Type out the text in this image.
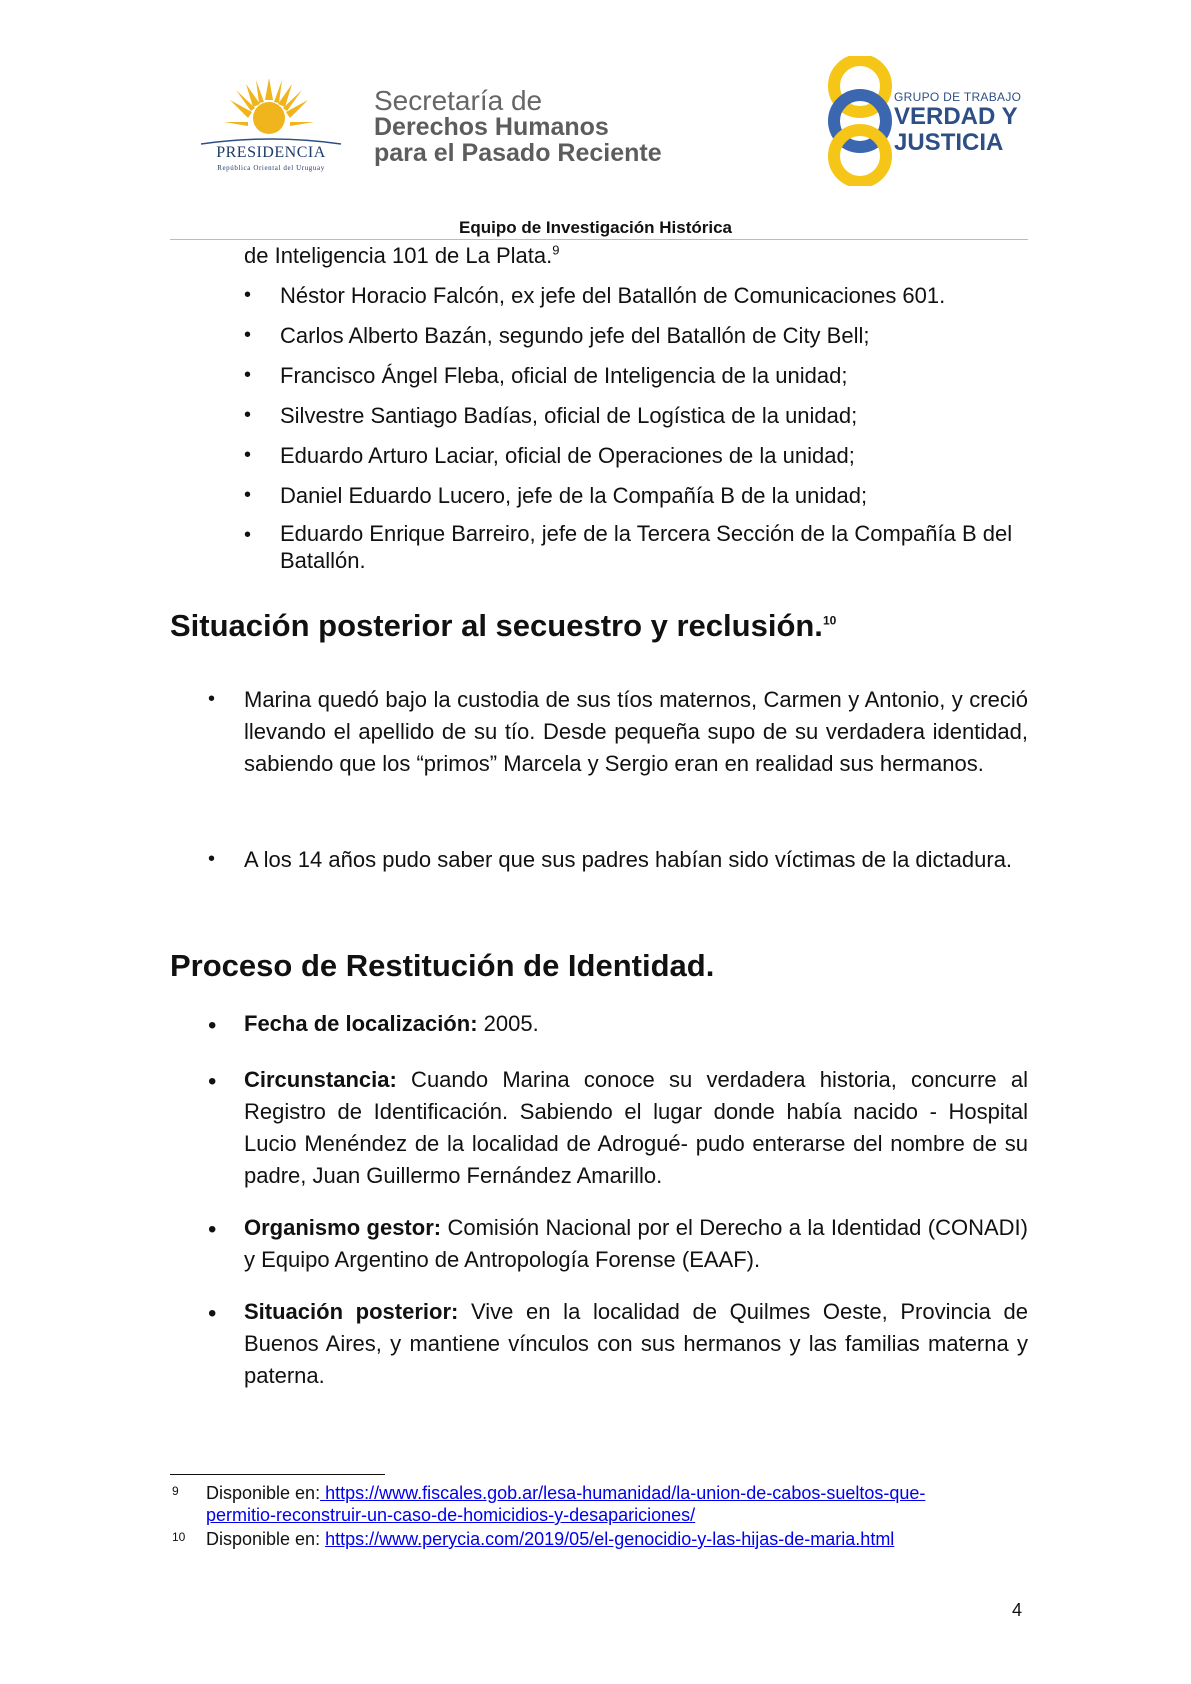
PRESIDENCIA
República Oriental del Uruguay
Secretaría de
Derechos Humanos
para el Pasado Reciente
GRUPO DE TRABAJO
VERDAD Y
JUSTICIA
Equipo de Investigación Histórica
de Inteligencia 101 de La Plata.$^9$
• Néstor Horacio Falcón, ex jefe del Batallón de Comunicaciones 601.
• Carlos Alberto Bazán, segundo jefe del Batallón de City Bell;
• Francisco Ángel Fleba, oficial de Inteligencia de la unidad;
• Silvestre Santiago Badías, oficial de Logística de la unidad;
• Eduardo Arturo Laciar, oficial de Operaciones de la unidad;
• Daniel Eduardo Lucero, jefe de la Compañía B de la unidad;
• Eduardo Enrique Barreiro, jefe de la Tercera Sección de la Compañía B del Batallón.
Situación posterior al secuestro y reclusión.$^{10}$
• Marina quedó bajo la custodia de sus tíos maternos, Carmen y Antonio, y creció llevando el apellido de su tío. Desde pequeña supo de su verdadera identidad, sabiendo que los “primos” Marcela y Sergio eran en realidad sus hermanos.
• A los 14 años pudo saber que sus padres habían sido víctimas de la dictadura.
Proceso de Restitución de Identidad.
• Fecha de localización: 2005.
• Circunstancia: Cuando Marina conoce su verdadera historia, concurre al Registro de Identificación. Sabiendo el lugar donde había nacido - Hospital Lucio Menéndez de la localidad de Adrogué- pudo enterarse del nombre de su padre, Juan Guillermo Fernández Amarillo.
• Organismo gestor: Comisión Nacional por el Derecho a la Identidad (CONADI) y Equipo Argentino de Antropología Forense (EAAF).
• Situación posterior: Vive en la localidad de Quilmes Oeste, Provincia de Buenos Aires, y mantiene vínculos con sus hermanos y las familias materna y paterna.
9 Disponible en: https://www.fiscales.gob.ar/lesa-humanidad/la-union-de-cabos-sueltos-que-
permitio-reconstruir-un-caso-de-homicidios-y-desapariciones/
10 Disponible en: https://www.perycia.com/2019/05/el-genocidio-y-las-hijas-de-maria.html
4
